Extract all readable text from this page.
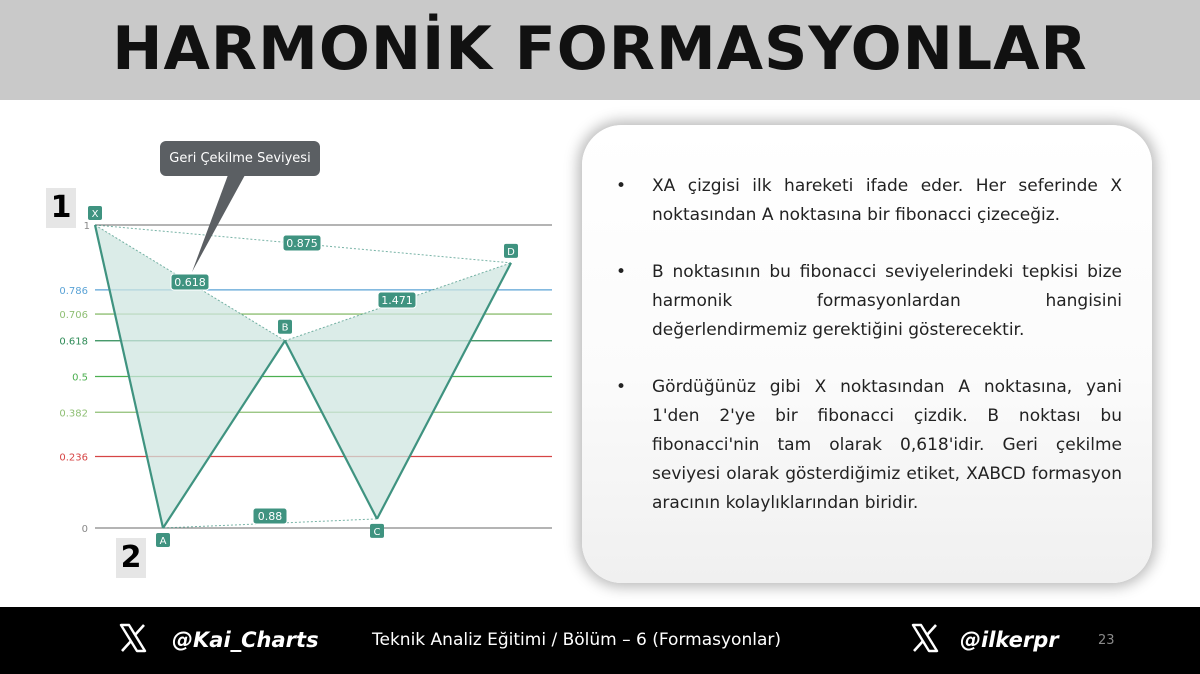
HARMONİK FORMASYONLAR
1
2
1
0.786
0.706
0.618
0.5
0.382
0.236
0
X
A
B
C
D
0.618
0.875
1.471
0.88
Geri Çekilme Seviyesi
• XA çizgisi ilk hareketi ifade eder. Her seferinde X noktasından A noktasına bir fibonacci çizeceğiz.
• B noktasının bu fibonacci seviyelerindeki tepkisi bize harmonik formasyonlardan hangisini değerlendirmemiz gerektiğini gösterecektir.
• Gördüğünüz gibi X noktasından A noktasına, yani 1'den 2'ye bir fibonacci çizdik. B noktası bu fibonacci'nin tam olarak 0,618'idir. Geri çekilme seviyesi olarak gösterdiğimiz etiket, XABCD formasyon aracının kolaylıklarından biridir.
@Kai_Charts	Teknik Analiz Eğitimi / Bölüm – 6 (Formasyonlar)	@ilkerpr	23
